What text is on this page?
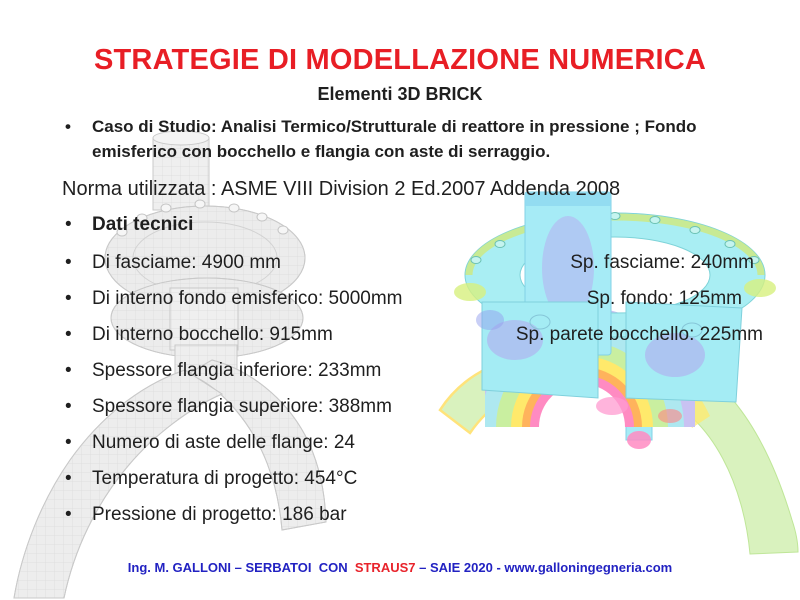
STRATEGIE DI MODELLAZIONE NUMERICA
Elementi 3D BRICK
• Caso di Studio: Analisi Termico/Strutturale di reattore in pressione ; Fondo emisferico con bocchello e flangia con aste di serraggio.
Norma utilizzata : ASME VIII Division 2 Ed.2007 Addenda 2008
• Dati tecnici
• Di fasciame: 4900 mm	Sp. fasciame: 240mm
• Di interno fondo emisferico: 5000mm	Sp. fondo: 125mm
• Di interno bocchello: 915mm	Sp. parete bocchello: 225mm
• Spessore flangia inferiore: 233mm
• Spessore flangia superiore: 388mm
• Numero di aste delle flange: 24
• Temperatura di progetto: 454°C
• Pressione di progetto: 186 bar
Ing. M. GALLONI – SERBATOI  CON  STRAUS7 – SAIE 2020 - www.galloningegneria.com
